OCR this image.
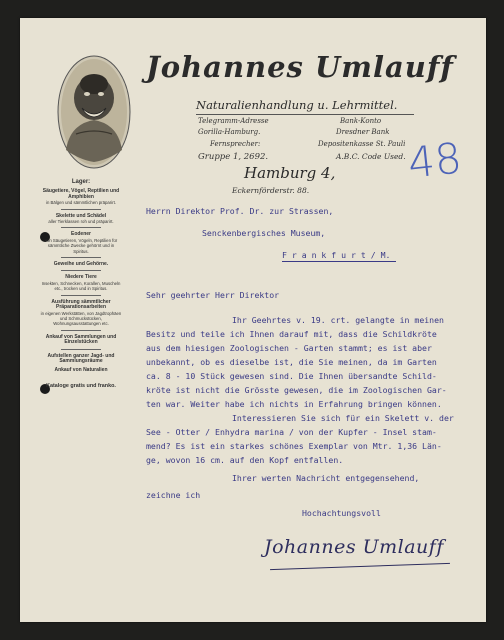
Johannes Umlauff
Naturalienhandlung u. Lehrmittel.
Telegramm-Adresse
Gorilla-Hamburg.
Fernsprecher:
Gruppe 1, 2692.
Bank-Konto
Dresdner Bank
Depositenkasse St. Pauli
A.B.C. Code Used.
Hamburg 4,
Eckernförderstr. 88.
48
Lager:
Säugetiere, Vögel, Reptilien und Amphibien
in Bälgen und sämmtlichen präparirt.
Skelette und Schädel
aller Tierklassen roh und präparirt.
Eodener
von Säugetieren, Vögeln, Reptilien für sämmtliche Zwecke gehörnt und in Spiritus.
Geweihe und Gehörne.
Niedere Tiere
Insekten, Schnecken, Korallen, Muscheln etc., trocken und in Spiritus.
Ausführung sämmtlicher Präparationsarbeiten
in eigenen Werkstätten, von Jagdtrophäen und Schmuckstücken, Wohnungsausstattungen etc.
Ankauf von Sammlungen und Einzelstücken
Aufstellen ganzer Jagd- und Sammlungsräume
Ankauf von Naturalien
Kataloge gratis und franko.
Herrn Direktor Prof. Dr. zur Strassen,
Senckenbergisches Museum,
F r a n k f u r t / M.
Sehr geehrter Herr Direktor
Ihr Geehrtes v. 19. crt. gelangte in meinen
Besitz und teile ich Ihnen darauf mit, dass die Schildkröte
aus dem hiesigen Zoologischen - Garten stammt; es ist aber
unbekannt, ob es dieselbe ist, die Sie meinen, da im Garten
ca. 8 - 10 Stück gewesen sind. Die Ihnen übersandte Schild-
kröte ist nicht die Grösste gewesen, die im Zoologischen Gar-
ten war. Weiter habe ich nichts in Erfahrung bringen können.
Interessieren Sie sich für ein Skelett v. der
See - Otter / Enhydra marina / von der Kupfer - Insel stam-
mend? Es ist ein starkes schönes Exemplar von Mtr. 1,36 Län-
ge, wovon 16 cm. auf den Kopf entfallen.
Ihrer werten Nachricht entgegensehend,
zeichne ich
Hochachtungsvoll
Johannes Umlauff
